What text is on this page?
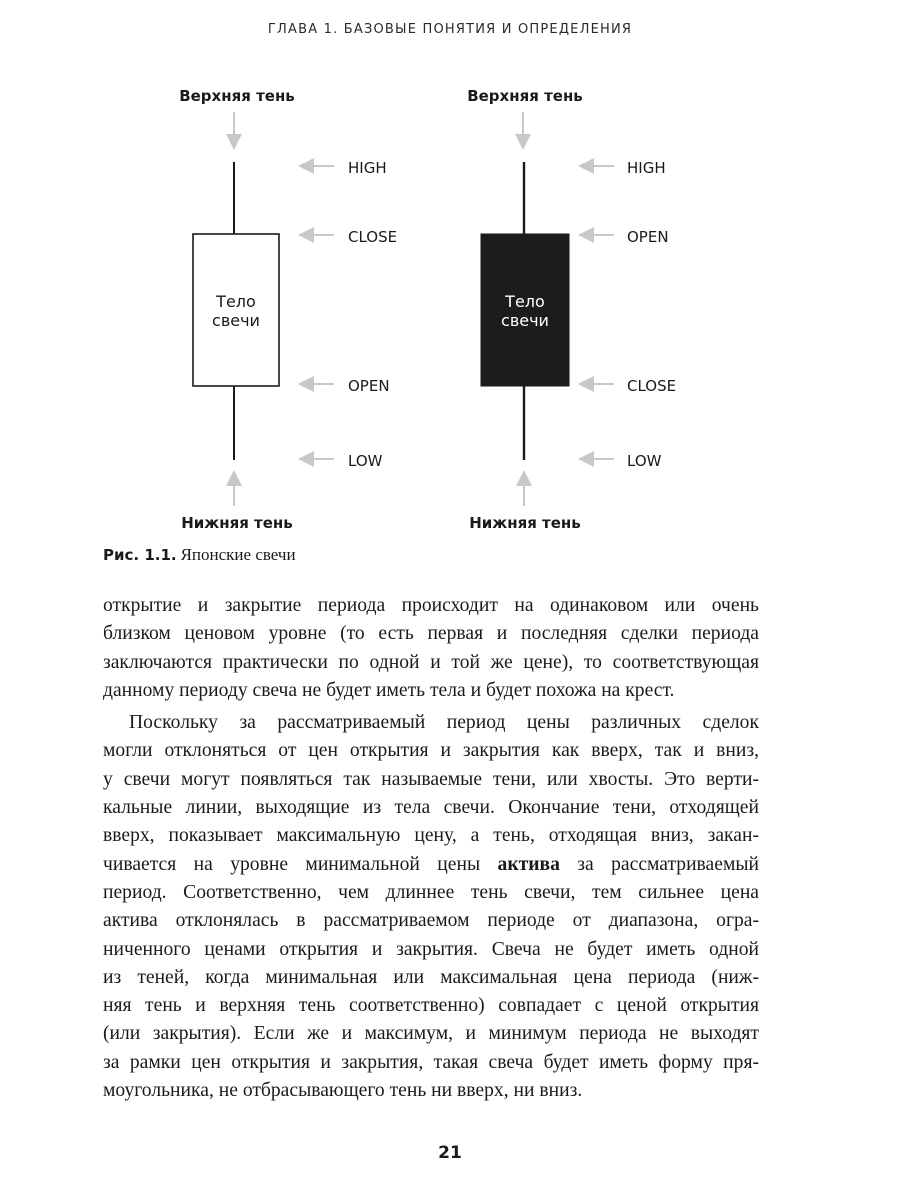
ГЛАВА 1. БАЗОВЫЕ ПОНЯТИЯ И ОПРЕДЕЛЕНИЯ
Верхняя тень
Тело
свечи
HIGH
CLOSE
OPEN
LOW
Нижняя тень
Верхняя тень
Тело
свечи
HIGH
OPEN
CLOSE
LOW
Нижняя тень
Рис. 1.1. Японские свечи
открытие и закрытие периода происходит на одинаковом или очень
близком ценовом уровне (то есть первая и последняя сделки периода
заключаются практически по одной и той же цене), то соответствующая
данному периоду свеча не будет иметь тела и будет похожа на крест.
Поскольку за рассматриваемый период цены различных сделок
могли отклоняться от цен открытия и закрытия как вверх, так и вниз,
у свечи могут появляться так называемые тени, или хвосты. Это верти-
кальные линии, выходящие из тела свечи. Окончание тени, отходящей
вверх, показывает максимальную цену, а тень, отходящая вниз, закан-
чивается на уровне минимальной цены актива за рассматриваемый
период. Соответственно, чем длиннее тень свечи, тем сильнее цена
актива отклонялась в рассматриваемом периоде от диапазона, огра-
ниченного ценами открытия и закрытия. Свеча не будет иметь одной
из теней, когда минимальная или максимальная цена периода (ниж-
няя тень и верхняя тень соответственно) совпадает с ценой открытия
(или закрытия). Если же и максимум, и минимум периода не выходят
за рамки цен открытия и закрытия, такая свеча будет иметь форму пря-
моугольника, не отбрасывающего тень ни вверх, ни вниз.
21
